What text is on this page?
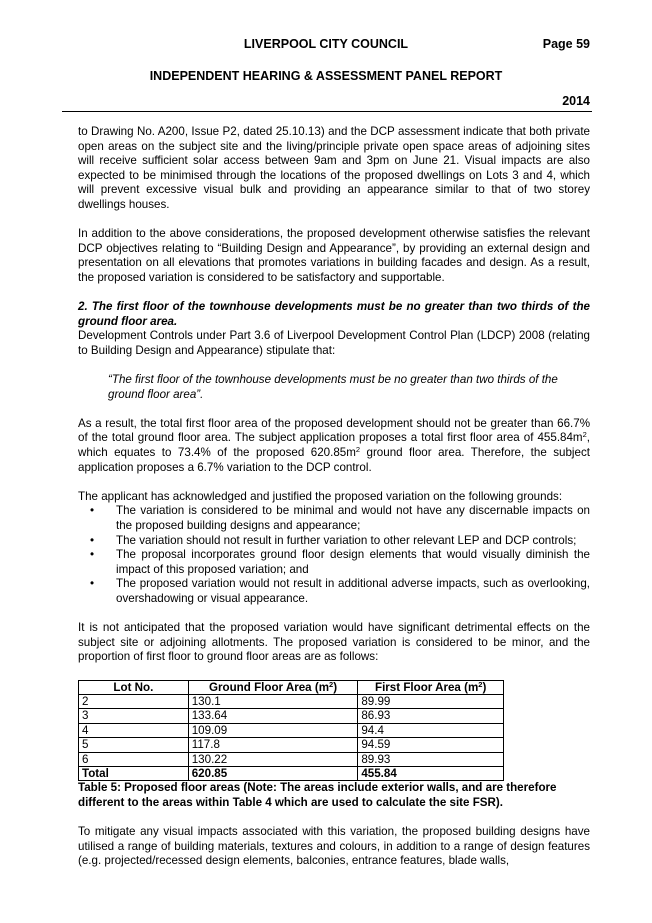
LIVERPOOL CITY COUNCIL	Page 59
INDEPENDENT HEARING & ASSESSMENT PANEL REPORT
2014

to Drawing No. A200, Issue P2, dated 25.10.13) and the DCP assessment indicate that both private open areas on the subject site and the living/principle private open space areas of adjoining sites will receive sufficient solar access between 9am and 3pm on June 21. Visual impacts are also expected to be minimised through the locations of the proposed dwellings on Lots 3 and 4, which will prevent excessive visual bulk and providing an appearance similar to that of two storey dwellings houses.

In addition to the above considerations, the proposed development otherwise satisfies the relevant DCP objectives relating to “Building Design and Appearance”, by providing an external design and presentation on all elevations that promotes variations in building facades and design. As a result, the proposed variation is considered to be satisfactory and supportable.

2. The first floor of the townhouse developments must be no greater than two thirds of the ground floor area.

Development Controls under Part 3.6 of Liverpool Development Control Plan (LDCP) 2008 (relating to Building Design and Appearance) stipulate that:

“The first floor of the townhouse developments must be no greater than two thirds of the ground floor area”.

As a result, the total first floor area of the proposed development should not be greater than 66.7% of the total ground floor area. The subject application proposes a total first floor area of $455.84m^2$, which equates to 73.4% of the proposed $620.85m^2$ ground floor area. Therefore, the subject application proposes a 6.7% variation to the DCP control.

The applicant has acknowledged and justified the proposed variation on the following grounds:

• The variation is considered to be minimal and would not have any discernable impacts on the proposed building designs and appearance;
• The variation should not result in further variation to other relevant LEP and DCP controls;
• The proposal incorporates ground floor design elements that would visually diminish the impact of this proposed variation; and
• The proposed variation would not result in additional adverse impacts, such as overlooking, overshadowing or visual appearance.

It is not anticipated that the proposed variation would have significant detrimental effects on the subject site or adjoining allotments. The proposed variation is considered to be minor, and the proportion of first floor to ground floor areas are as follows:

Lot No.	Ground Floor Area $(m^2)$	First Floor Area $(m^2)$
2	130.1	89.99
3	133.64	86.93
4	109.09	94.4
5	117.8	94.59
6	130.22	89.93
Total	620.85	455.84

Table 5: Proposed floor areas (Note: The areas include exterior walls, and are therefore different to the areas within Table 4 which are used to calculate the site FSR).

To mitigate any visual impacts associated with this variation, the proposed building designs have utilised a range of building materials, textures and colours, in addition to a range of design features (e.g. projected/recessed design elements, balconies, entrance features, blade walls,
